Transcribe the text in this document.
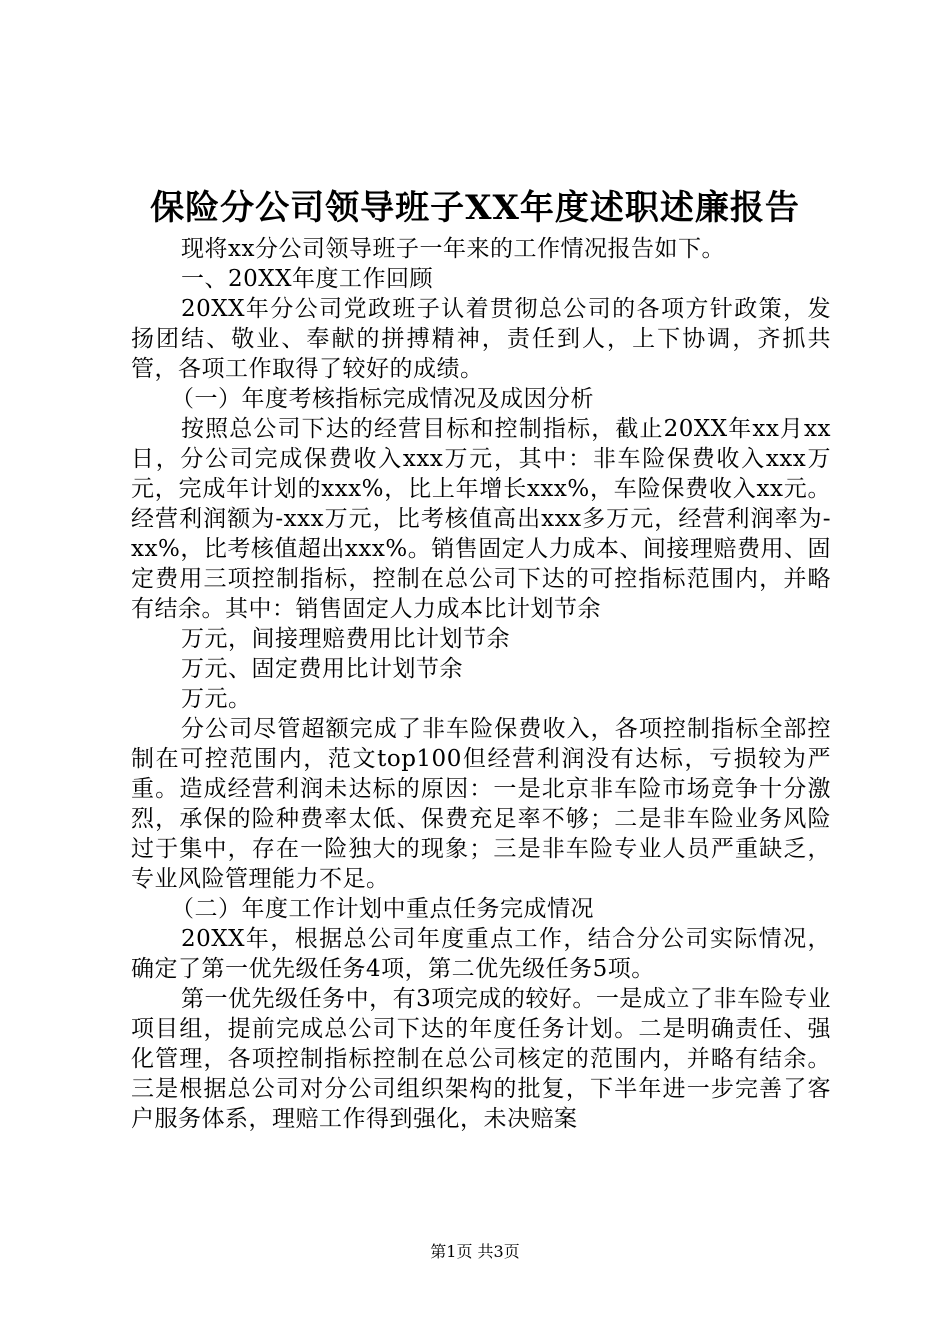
保险分公司领导班子XX年度述职述廉报告

现将xx分公司领导班子一年来的工作情况报告如下。

一、20XX年度工作回顾

20XX年分公司党政班子认着贯彻总公司的各项方针政策，发扬团结、敬业、奉献的拼搏精神，责任到人，上下协调，齐抓共管，各项工作取得了较好的成绩。

（一）年度考核指标完成情况及成因分析

按照总公司下达的经营目标和控制指标，截止20XX年xx月xx日，分公司完成保费收入xxx万元，其中：非车险保费收入xxx万元，完成年计划的xxx%，比上年增长xxx%，车险保费收入xx元。经营利润额为-xxx万元，比考核值高出xxx多万元，经营利润率为-xx%，比考核值超出xxx%。销售固定人力成本、间接理赔费用、固定费用三项控制指标，控制在总公司下达的可控指标范围内，并略有结余。其中：销售固定人力成本比计划节余

万元，间接理赔费用比计划节余

万元、固定费用比计划节余

万元。

分公司尽管超额完成了非车险保费收入，各项控制指标全部控制在可控范围内，范文top100但经营利润没有达标，亏损较为严重。造成经营利润未达标的原因：一是北京非车险市场竞争十分激烈，承保的险种费率太低、保费充足率不够；二是非车险业务风险过于集中，存在一险独大的现象；三是非车险专业人员严重缺乏，专业风险管理能力不足。

（二）年度工作计划中重点任务完成情况

20XX年，根据总公司年度重点工作，结合分公司实际情况，确定了第一优先级任务4项，第二优先级任务5项。

第一优先级任务中，有3项完成的较好。一是成立了非车险专业项目组，提前完成总公司下达的年度任务计划。二是明确责任、强化管理，各项控制指标控制在总公司核定的范围内，并略有结余。三是根据总公司对分公司组织架构的批复，下半年进一步完善了客户服务体系，理赔工作得到强化，未决赔案

第1页 共3页
